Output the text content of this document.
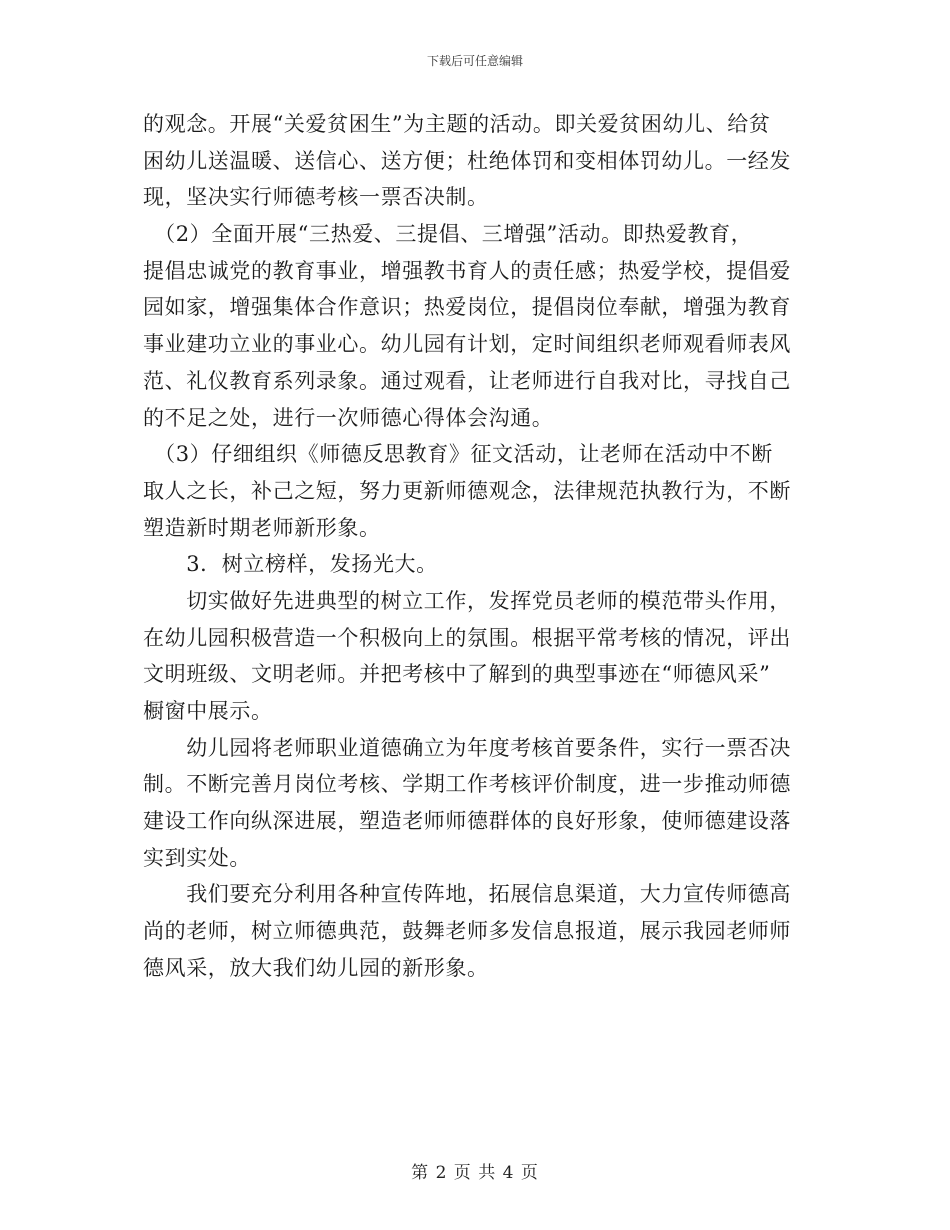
下载后可任意编辑
的观念。开展“关爱贫困生”为主题的活动。即关爱贫困幼儿、给贫
困幼儿送温暖、送信心、送方便；杜绝体罚和变相体罚幼儿。一经发
现，坚决实行师德考核一票否决制。
　（2）全面开展“三热爱、三提倡、三增强”活动。即热爱教育，
提倡忠诚党的教育事业，增强教书育人的责任感；热爱学校，提倡爱
园如家，增强集体合作意识；热爱岗位，提倡岗位奉献，增强为教育
事业建功立业的事业心。幼儿园有计划，定时间组织老师观看师表风
范、礼仪教育系列录象。通过观看，让老师进行自我对比，寻找自己
的不足之处，进行一次师德心得体会沟通。
　（3）仔细组织《师德反思教育》征文活动，让老师在活动中不断
取人之长，补己之短，努力更新师德观念，法律规范执教行为，不断
塑造新时期老师新形象。
　　3．树立榜样，发扬光大。
　　切实做好先进典型的树立工作，发挥党员老师的模范带头作用，
在幼儿园积极营造一个积极向上的氛围。根据平常考核的情况，评出
文明班级、文明老师。并把考核中了解到的典型事迹在“师德风采”
橱窗中展示。
　　幼儿园将老师职业道德确立为年度考核首要条件，实行一票否决
制。不断完善月岗位考核、学期工作考核评价制度，进一步推动师德
建设工作向纵深进展，塑造老师师德群体的良好形象，使师德建设落
实到实处。
　　我们要充分利用各种宣传阵地，拓展信息渠道，大力宣传师德高
尚的老师，树立师德典范，鼓舞老师多发信息报道，展示我园老师师
德风采，放大我们幼儿园的新形象。
第 2 页 共 4 页
